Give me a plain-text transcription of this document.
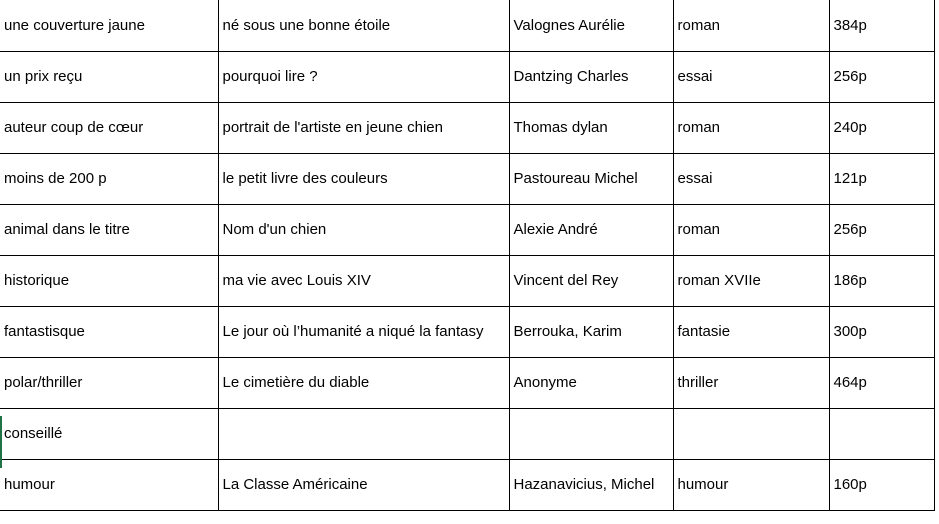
une couverture jaune	né sous une bonne étoile	Valognes Aurélie	roman	384p
un prix reçu	pourquoi lire ?	Dantzing Charles	essai	256p
auteur coup de cœur	portrait de l'artiste en jeune chien	Thomas dylan	roman	240p
moins de 200 p	le petit livre des couleurs	Pastoureau Michel	essai	121p
animal dans le titre	Nom d'un chien	Alexie André	roman	256p
historique	ma vie avec Louis XIV	Vincent del Rey	roman XVIIe	186p
fantastisque	Le jour où l’humanité a niqué la fantasy	Berrouka, Karim	fantasie	300p
polar/thriller	Le cimetière du diable	Anonyme	thriller	464p
conseillé				
humour	La Classe Américaine	Hazanavicius, Michel	humour	160p
